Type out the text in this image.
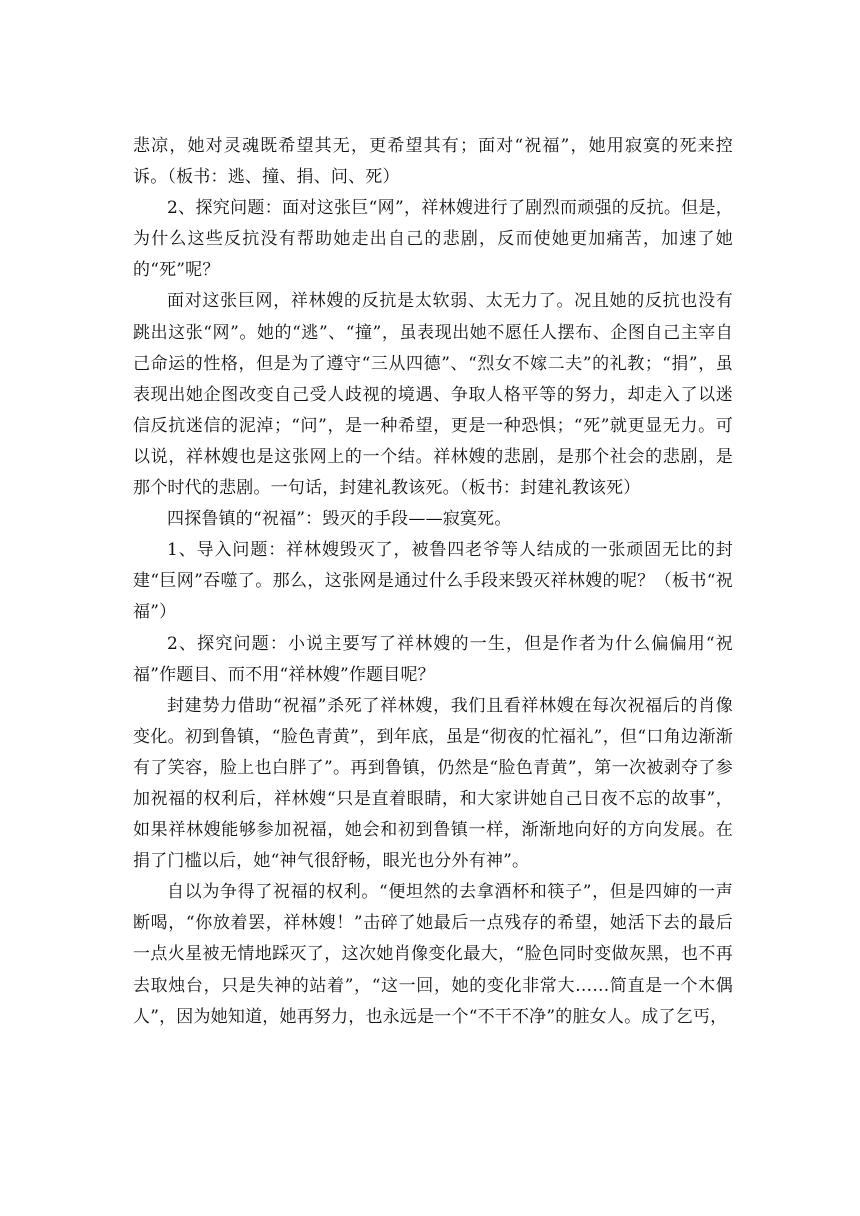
悲凉，她对灵魂既希望其无，更希望其有；面对“祝福”，她用寂寞的死来控诉。（板书：逃、撞、捐、问、死）

2、探究问题：面对这张巨“网”，祥林嫂进行了剧烈而顽强的反抗。但是，为什么这些反抗没有帮助她走出自己的悲剧，反而使她更加痛苦，加速了她的“死”呢？

面对这张巨网，祥林嫂的反抗是太软弱、太无力了。况且她的反抗也没有跳出这张“网”。她的“逃”、“撞”，虽表现出她不愿任人摆布、企图自己主宰自己命运的性格，但是为了遵守“三从四德”、“烈女不嫁二夫”的礼教；“捐”，虽表现出她企图改变自己受人歧视的境遇、争取人格平等的努力，却走入了以迷信反抗迷信的泥淖；“问”，是一种希望，更是一种恐惧；“死”就更显无力。可以说，祥林嫂也是这张网上的一个结。祥林嫂的悲剧，是那个社会的悲剧，是那个时代的悲剧。一句话，封建礼教该死。（板书：封建礼教该死）

四探鲁镇的“祝福”：毁灭的手段——寂寞死。

1、导入问题：祥林嫂毁灭了，被鲁四老爷等人结成的一张顽固无比的封建“巨网”吞噬了。那么，这张网是通过什么手段来毁灭祥林嫂的呢？（板书“祝福”）

2、探究问题：小说主要写了祥林嫂的一生，但是作者为什么偏偏用“祝福”作题目、而不用“祥林嫂”作题目呢？

封建势力借助“祝福”杀死了祥林嫂，我们且看祥林嫂在每次祝福后的肖像变化。初到鲁镇，“脸色青黄”，到年底，虽是“彻夜的忙福礼”，但“口角边渐渐有了笑容，脸上也白胖了”。再到鲁镇，仍然是“脸色青黄”，第一次被剥夺了参加祝福的权利后，祥林嫂“只是直着眼睛，和大家讲她自己日夜不忘的故事”，如果祥林嫂能够参加祝福，她会和初到鲁镇一样，渐渐地向好的方向发展。在捐了门槛以后，她“神气很舒畅，眼光也分外有神”。

自以为争得了祝福的权利。“便坦然的去拿酒杯和筷子”，但是四婶的一声断喝，“你放着罢，祥林嫂！”击碎了她最后一点残存的希望，她活下去的最后一点火星被无情地踩灭了，这次她肖像变化最大，“脸色同时变做灰黑，也不再去取烛台，只是失神的站着”，“这一回，她的变化非常大……简直是一个木偶人”，因为她知道，她再努力，也永远是一个“不干不净”的脏女人。成了乞丐，
